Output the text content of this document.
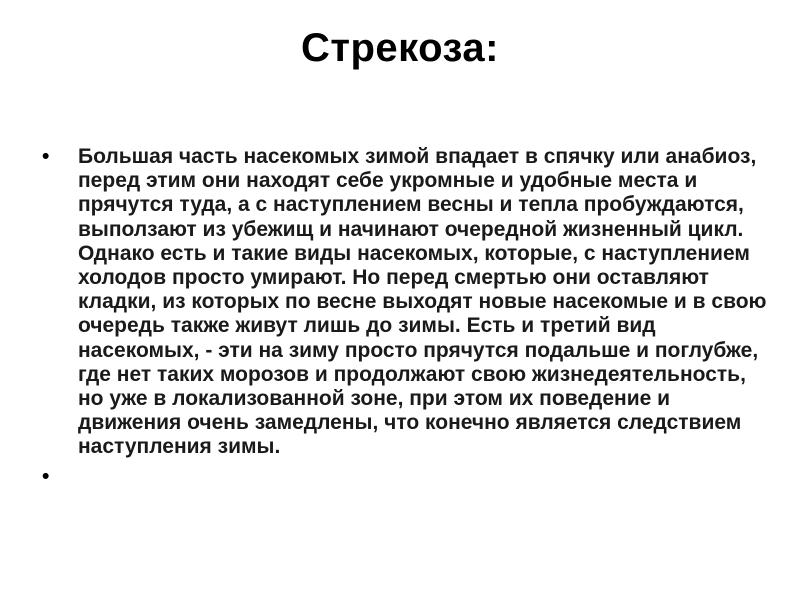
Стрекоза:
• Большая часть насекомых зимой впадает в спячку или анабиоз, перед этим они находят себе укромные и удобные места и прячутся туда, а с наступлением весны и тепла пробуждаются, выползают из убежищ и начинают очередной жизненный цикл. Однако есть и такие виды насекомых, которые, с наступлением холодов просто умирают. Но перед смертью они оставляют кладки, из которых по весне выходят новые насекомые и в свою очередь также живут лишь до зимы. Есть и третий вид насекомых, - эти на зиму просто прячутся подальше и поглубже, где нет таких морозов и продолжают свою жизнедеятельность, но уже в локализованной зоне, при этом их поведение и движения очень замедлены, что конечно является следствием наступления зимы.
•
